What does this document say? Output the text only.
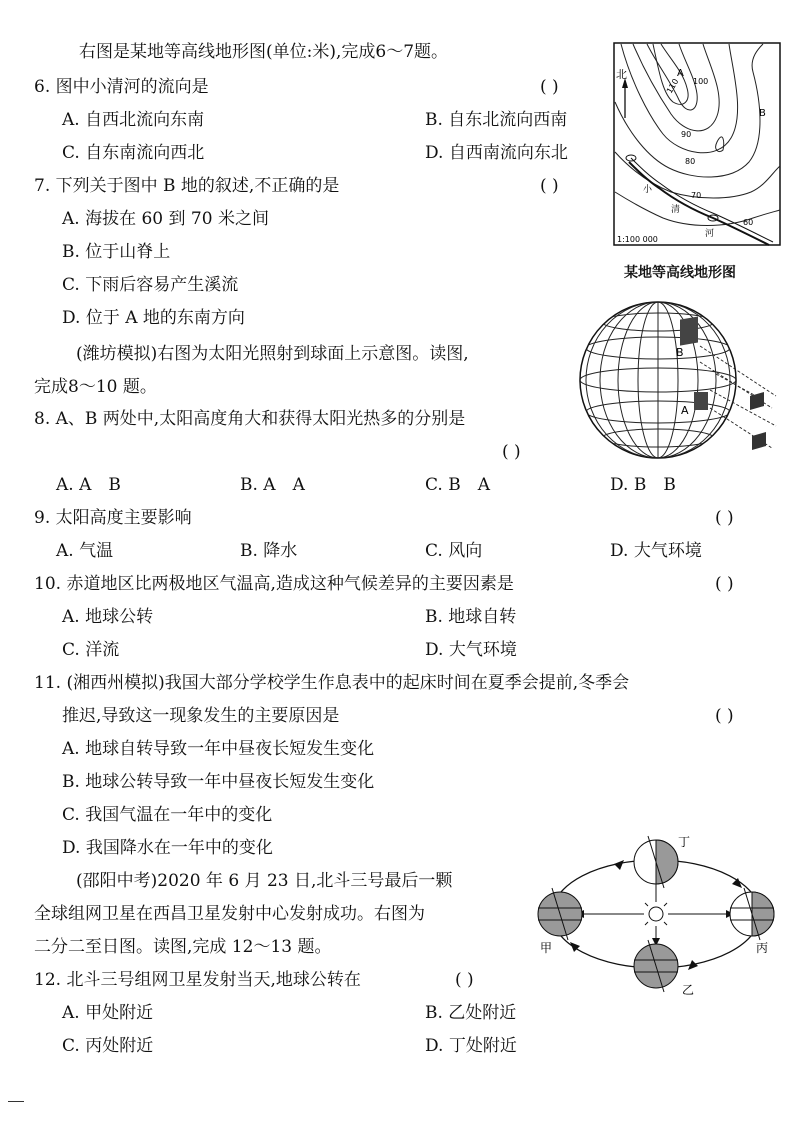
右图是某地等高线地形图(单位:米),完成6～7题。
6. 图中小清河的流向是	( )
A. 自西北流向东南	B. 自东北流向西南
C. 自东南流向西北	D. 自西南流向东北
7. 下列关于图中 B 地的叙述,不正确的是	( )
A. 海拔在 60 到 70 米之间
B. 位于山脊上
C. 下雨后容易产生溪流
D. 位于 A 地的东南方向
北	A
B
110 100
90
80
70
60
小
清
河
1:100 000
某地等高线地形图
(潍坊模拟)右图为太阳光照射到球面上示意图。读图,
完成8～10 题。
B
A
8. A、B 两处中,太阳高度角大和获得太阳光热多的分别是
( )
A. A　B	B. A　A	C. B　A	D. B　B
9. 太阳高度主要影响	( )
A. 气温	B. 降水	C. 风向	D. 大气环境
10. 赤道地区比两极地区气温高,造成这种气候差异的主要因素是	( )
A. 地球公转	B. 地球自转
C. 洋流	D. 大气环境
11. (湘西州模拟)我国大部分学校学生作息表中的起床时间在夏季会提前,冬季会
推迟,导致这一现象发生的主要原因是	( )
A. 地球自转导致一年中昼夜长短发生变化
B. 地球公转导致一年中昼夜长短发生变化
C. 我国气温在一年中的变化
D. 我国降水在一年中的变化
(邵阳中考)2020 年 6 月 23 日,北斗三号最后一颗
全球组网卫星在西昌卫星发射中心发射成功。右图为
二分二至日图。读图,完成 12～13 题。
丁
甲	丙
乙
12. 北斗三号组网卫星发射当天,地球公转在	( )
A. 甲处附近	B. 乙处附近
C. 丙处附近	D. 丁处附近
